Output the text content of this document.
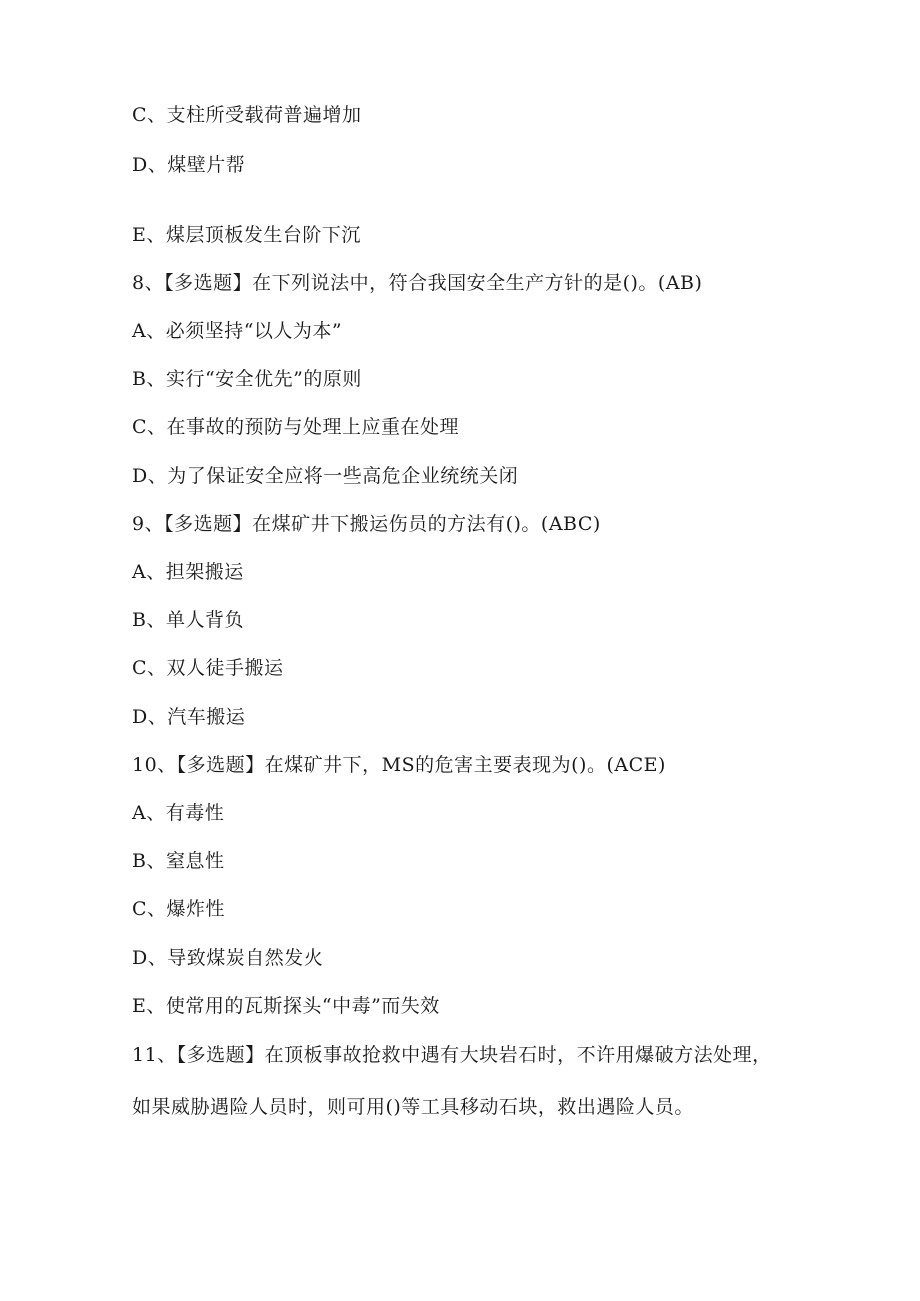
C、支柱所受载荷普遍增加
D、煤壁片帮
E、煤层顶板发生台阶下沉
8、【多选题】在下列说法中，符合我国安全生产方针的是()。(AB)
A、必须坚持“以人为本”
B、实行“安全优先”的原则
C、在事故的预防与处理上应重在处理
D、为了保证安全应将一些高危企业统统关闭
9、【多选题】在煤矿井下搬运伤员的方法有()。(ABC)
A、担架搬运
B、单人背负
C、双人徒手搬运
D、汽车搬运
10、【多选题】在煤矿井下，MS的危害主要表现为()。(ACE)
A、有毒性
B、窒息性
C、爆炸性
D、导致煤炭自然发火
E、使常用的瓦斯探头“中毒”而失效
11、【多选题】在顶板事故抢救中遇有大块岩石时，不许用爆破方法处理，
如果威胁遇险人员时，则可用()等工具移动石块，救出遇险人员。
